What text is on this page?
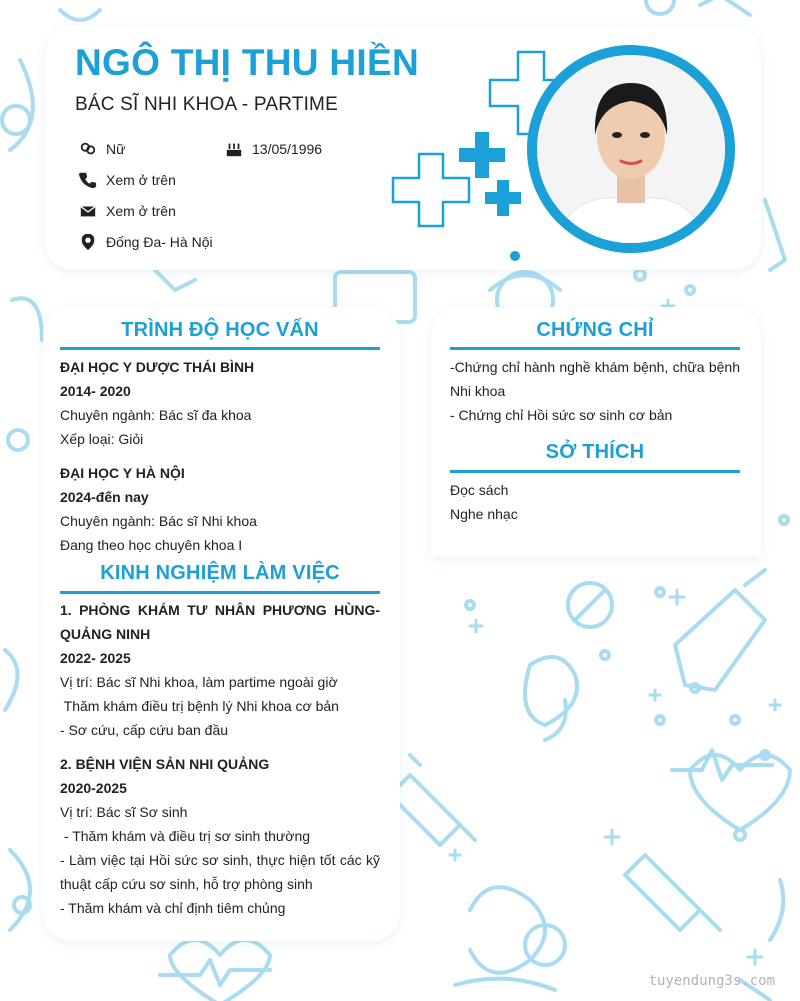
NGÔ THỊ THU HIỀN
BÁC SĨ NHI KHOA - PARTIME
Nữ	13/05/1996
Xem ở trên
Xem ở trên
Đống Đa- Hà Nội
TRÌNH ĐỘ HỌC VẤN
ĐẠI HỌC Y DƯỢC THÁI BÌNH
2014- 2020
Chuyên ngành: Bác sĩ đa khoa
Xếp loại: Giỏi
ĐẠI HỌC Y HÀ NỘI
2024-đến nay
Chuyên ngành: Bác sĩ Nhi khoa
Đang theo học chuyên khoa I
KINH NGHIỆM LÀM VIỆC
1. PHÒNG KHÁM TƯ NHÂN PHƯƠNG HÙNG-
QUẢNG NINH
2022- 2025
Vị trí: Bác sĩ Nhi khoa, làm partime ngoài giờ
Thăm khám điều trị bệnh lý Nhi khoa cơ bản
- Sơ cứu, cấp cứu ban đầu
2. BỆNH VIỆN SẢN NHI QUẢNG
2020-2025
Vị trí: Bác sĩ Sơ sinh
- Thăm khám và điều trị sơ sinh thường
- Làm việc tại Hồi sức sơ sinh, thực hiện tốt các kỹ
thuật cấp cứu sơ sinh, hỗ trợ phòng sinh
- Thăm khám và chỉ định tiêm chủng
CHỨNG CHỈ
-Chứng chỉ hành nghề khám bệnh, chữa bệnh
Nhi khoa
- Chứng chỉ Hồi sức sơ sinh cơ bản
SỞ THÍCH
Đọc sách
Nghe nhạc
tuyendung3s.com
